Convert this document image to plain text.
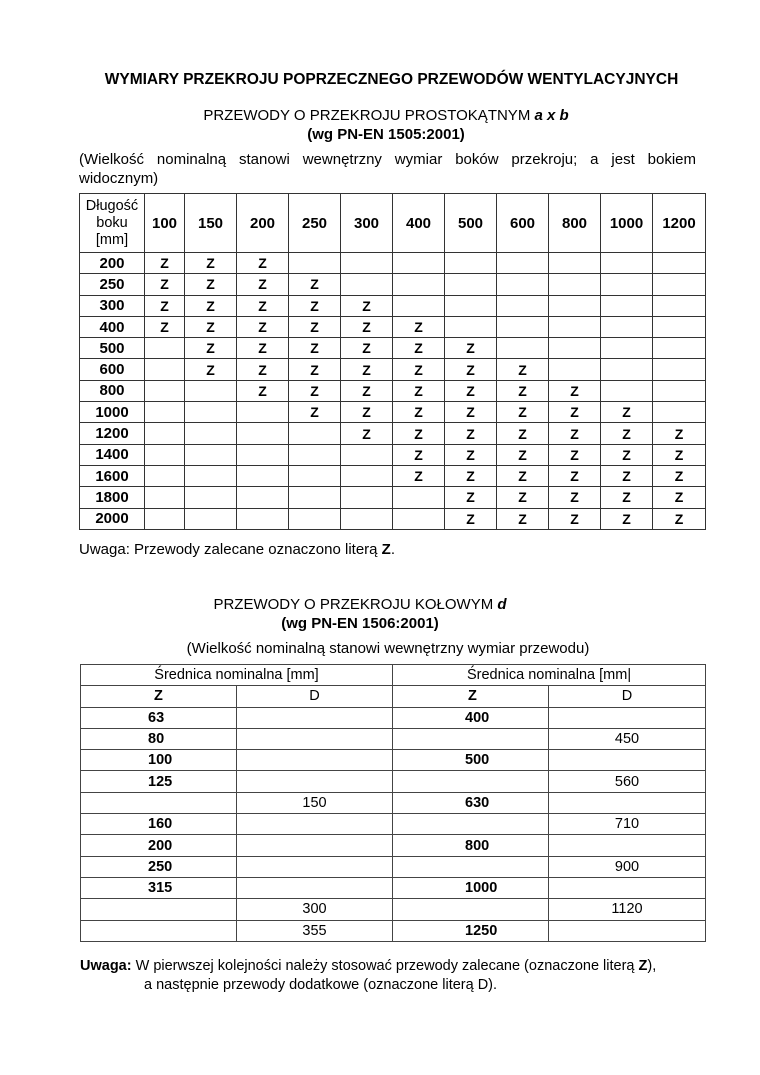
WYMIARY PRZEKROJU POPRZECZNEGO PRZEWODÓW WENTYLACYJNYCH
PRZEWODY O PRZEKROJU PROSTOKĄTNYM a x b
(wg PN-EN 1505:2001)
(Wielkość nominalną stanowi wewnętrzny wymiar boków przekroju; a jest bokiem widocznym)
Długość
boku
[mm]	100	150	200	250	300	400	500	600	800	1000	1200
200	Z	Z	Z								
250	Z	Z	Z	Z							
300	Z	Z	Z	Z	Z						
400	Z	Z	Z	Z	Z	Z					
500		Z	Z	Z	Z	Z	Z				
600		Z	Z	Z	Z	Z	Z	Z			
800			Z	Z	Z	Z	Z	Z	Z		
1000				Z	Z	Z	Z	Z	Z	Z	
1200					Z	Z	Z	Z	Z	Z	Z
1400						Z	Z	Z	Z	Z	Z
1600						Z	Z	Z	Z	Z	Z
1800							Z	Z	Z	Z	Z
2000							Z	Z	Z	Z	Z
Uwaga: Przewody zalecane oznaczono literą Z.
PRZEWODY O PRZEKROJU KOŁOWYM d
(wg PN-EN 1506:2001)
(Wielkość nominalną stanowi wewnętrzny wymiar przewodu)
Średnica nominalna [mm]		Średnica nominalna [mm|	
Z	D	Z	D
63		400	
80			450
100		500	
125			560
	150	630	
160			710
200		800	
250			900
315		1000	
	300		1120
	355	1250	
Uwaga: W pierwszej kolejności należy stosować przewody zalecane (oznaczone literą Z),
a następnie przewody dodatkowe (oznaczone literą D).
